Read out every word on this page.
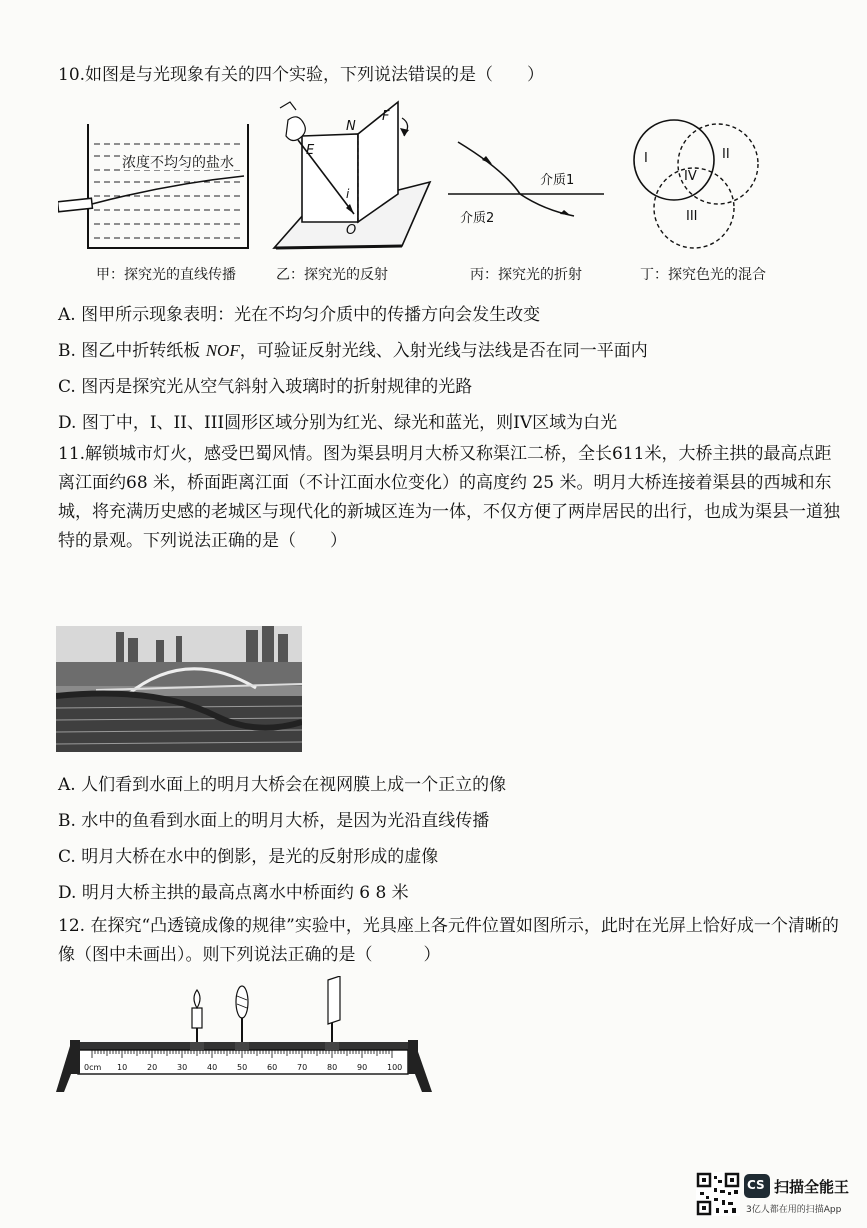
10.如图是与光现象有关的四个实验，下列说法错误的是（　　）
浓度不均匀的盐水
E
N
F
O
i
介质1
介质2
I	II
III
IV
甲：探究光的直线传播	乙：探究光的反射	丙：探究光的折射	丁：探究色光的混合
A. 图甲所示现象表明：光在不均匀介质中的传播方向会发生改变
B. 图乙中折转纸板 NOF，可验证反射光线、入射光线与法线是否在同一平面内
C. 图丙是探究光从空气斜射入玻璃时的折射规律的光路
D. 图丁中，I、II、III圆形区域分别为红光、绿光和蓝光，则IV区域为白光
11.解锁城市灯火，感受巴蜀风情。图为渠县明月大桥又称渠江二桥，全长611米，大桥主拱的最高点距离江面约68 米，桥面距离江面（不计江面水位变化）的高度约 25 米。明月大桥连接着渠县的西城和东城，将充满历史感的老城区与现代化的新城区连为一体，不仅方便了两岸居民的出行，也成为渠县一道独特的景观。下列说法正确的是（　　）
A. 人们看到水面上的明月大桥会在视网膜上成一个正立的像
B. 水中的鱼看到水面上的明月大桥，是因为光沿直线传播
C. 明月大桥在水中的倒影，是光的反射形成的虚像
D. 明月大桥主拱的最高点离水中桥面约 6 8 米
12. 在探究“凸透镜成像的规律”实验中，光具座上各元件位置如图所示，此时在光屏上恰好成一个清晰的像（图中未画出）。则下列说法正确的是（　　　）
0cm 10 20 30 40 50 60 70 80 90 100
CS 扫描全能王
3亿人都在用的扫描App
